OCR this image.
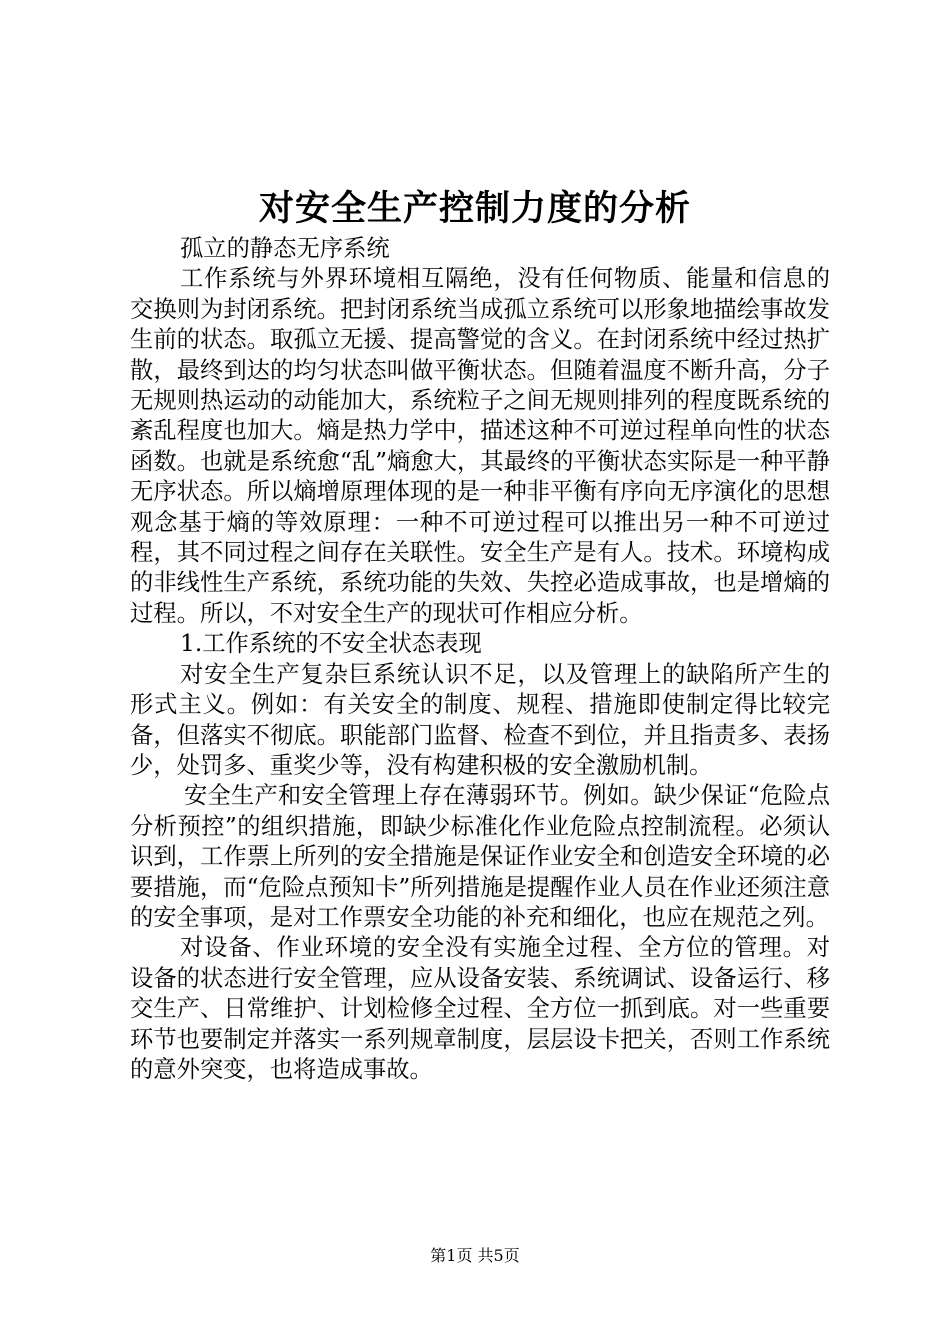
对安全生产控制力度的分析

孤立的静态无序系统

工作系统与外界环境相互隔绝，没有任何物质、能量和信息的交换则为封闭系统。把封闭系统当成孤立系统可以形象地描绘事故发生前的状态。取孤立无援、提高警觉的含义。在封闭系统中经过热扩散，最终到达的均匀状态叫做平衡状态。但随着温度不断升高，分子无规则热运动的动能加大，系统粒子之间无规则排列的程度既系统的紊乱程度也加大。熵是热力学中，描述这种不可逆过程单向性的状态函数。也就是系统愈“乱”熵愈大，其最终的平衡状态实际是一种平静无序状态。所以熵增原理体现的是一种非平衡有序向无序演化的思想观念基于熵的等效原理：一种不可逆过程可以推出另一种不可逆过程，其不同过程之间存在关联性。安全生产是有人。技术。环境构成的非线性生产系统，系统功能的失效、失控必造成事故，也是增熵的过程。所以，不对安全生产的现状可作相应分析。

1.工作系统的不安全状态表现

对安全生产复杂巨系统认识不足，以及管理上的缺陷所产生的形式主义。例如：有关安全的制度、规程、措施即使制定得比较完备，但落实不彻底。职能部门监督、检查不到位，并且指责多、表扬少，处罚多、重奖少等，没有构建积极的安全激励机制。

安全生产和安全管理上存在薄弱环节。例如。缺少保证“危险点分析预控”的组织措施，即缺少标准化作业危险点控制流程。必须认识到，工作票上所列的安全措施是保证作业安全和创造安全环境的必要措施，而“危险点预知卡”所列措施是提醒作业人员在作业还须注意的安全事项，是对工作票安全功能的补充和细化，也应在规范之列。

对设备、作业环境的安全没有实施全过程、全方位的管理。对设备的状态进行安全管理，应从设备安装、系统调试、设备运行、移交生产、日常维护、计划检修全过程、全方位一抓到底。对一些重要环节也要制定并落实一系列规章制度，层层设卡把关，否则工作系统的意外突变，也将造成事故。

第1页 共5页
